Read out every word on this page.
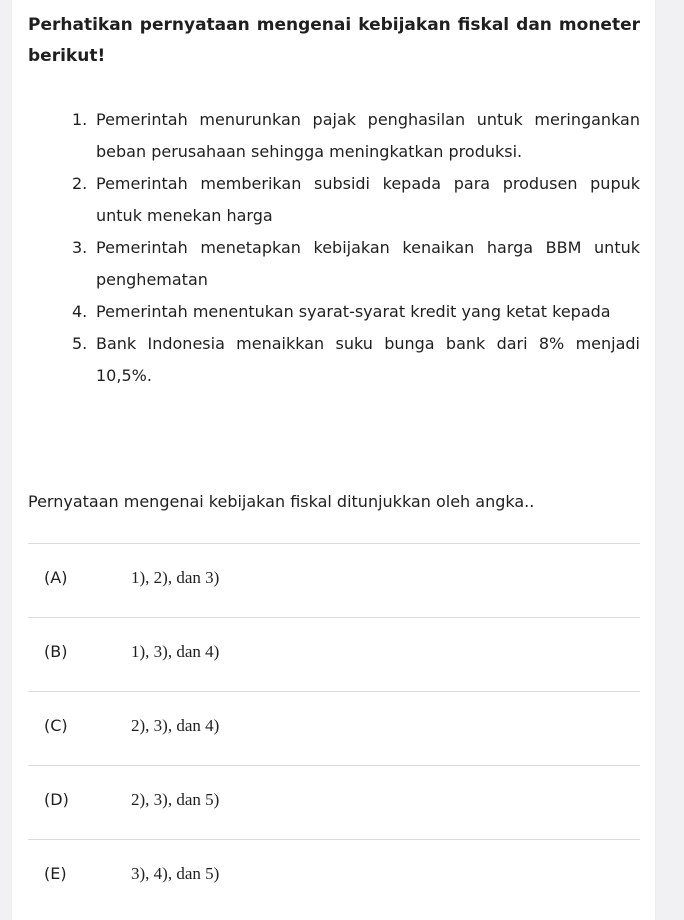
Perhatikan pernyataan mengenai kebijakan fiskal dan moneter berikut!

1. Pemerintah menurunkan pajak penghasilan untuk meringankan beban perusahaan sehingga meningkatkan produksi.
2. Pemerintah memberikan subsidi kepada para produsen pupuk untuk menekan harga
3. Pemerintah menetapkan kebijakan kenaikan harga BBM untuk penghematan
4. Pemerintah menentukan syarat-syarat kredit yang ketat kepada
5. Bank Indonesia menaikkan suku bunga bank dari 8% menjadi 10,5%.

Pernyataan mengenai kebijakan fiskal ditunjukkan oleh angka..

(A)	1), 2), dan 3)
(B)	1), 3), dan 4)
(C)	2), 3), dan 4)
(D)	2), 3), dan 5)
(E)	3), 4), dan 5)
